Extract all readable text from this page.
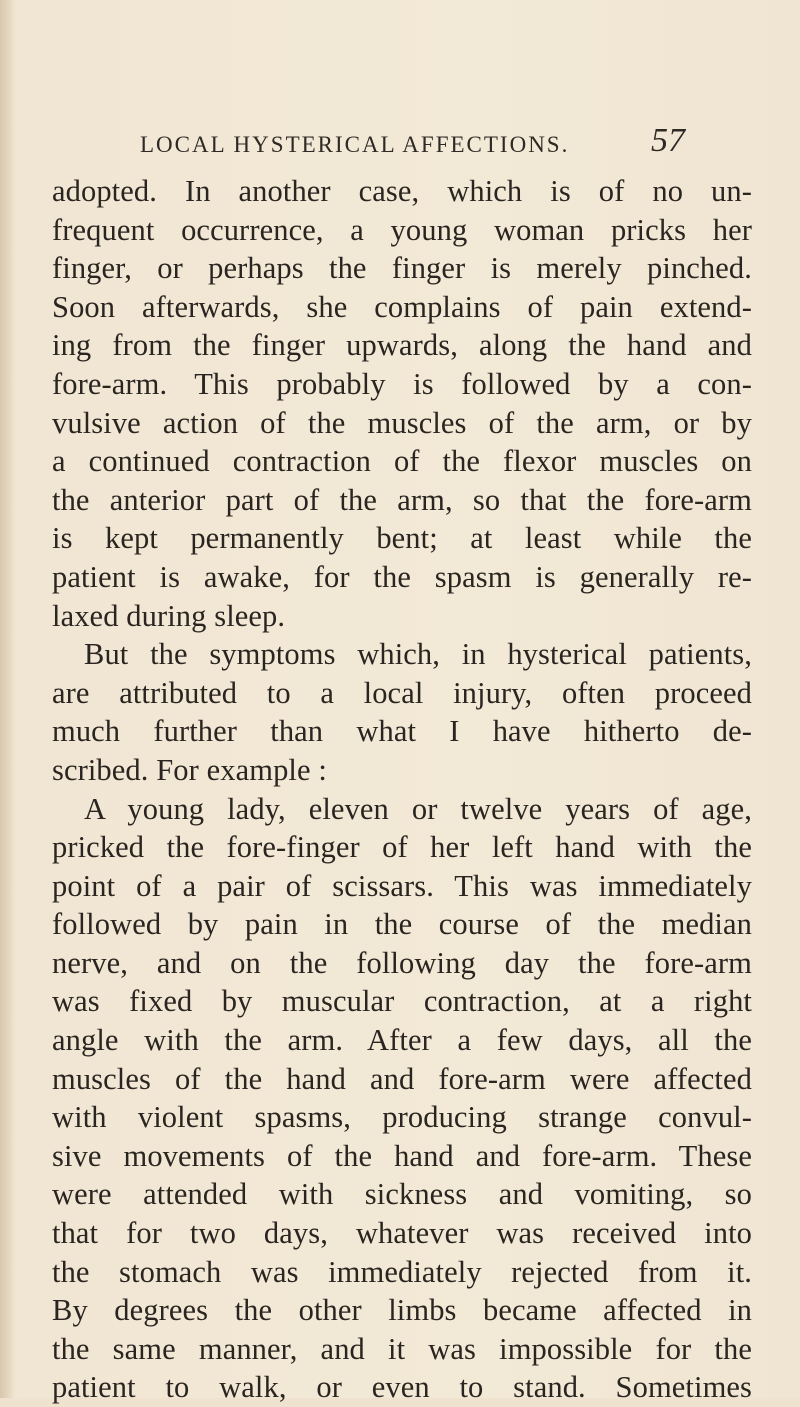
LOCAL HYSTERICAL AFFECTIONS. 57
adopted. In another case, which is of no un-
frequent occurrence, a young woman pricks her
finger, or perhaps the finger is merely pinched.
Soon afterwards, she complains of pain extend-
ing from the finger upwards, along the hand and
fore-arm. This probably is followed by a con-
vulsive action of the muscles of the arm, or by
a continued contraction of the flexor muscles on
the anterior part of the arm, so that the fore-arm
is kept permanently bent; at least while the
patient is awake, for the spasm is generally re-
laxed during sleep.
But the symptoms which, in hysterical patients,
are attributed to a local injury, often proceed
much further than what I have hitherto de-
scribed. For example :
A young lady, eleven or twelve years of age,
pricked the fore-finger of her left hand with the
point of a pair of scissars. This was immediately
followed by pain in the course of the median
nerve, and on the following day the fore-arm
was fixed by muscular contraction, at a right
angle with the arm. After a few days, all the
muscles of the hand and fore-arm were affected
with violent spasms, producing strange convul-
sive movements of the hand and fore-arm. These
were attended with sickness and vomiting, so
that for two days, whatever was received into
the stomach was immediately rejected from it.
By degrees the other limbs became affected in
the same manner, and it was impossible for the
patient to walk, or even to stand. Sometimes
